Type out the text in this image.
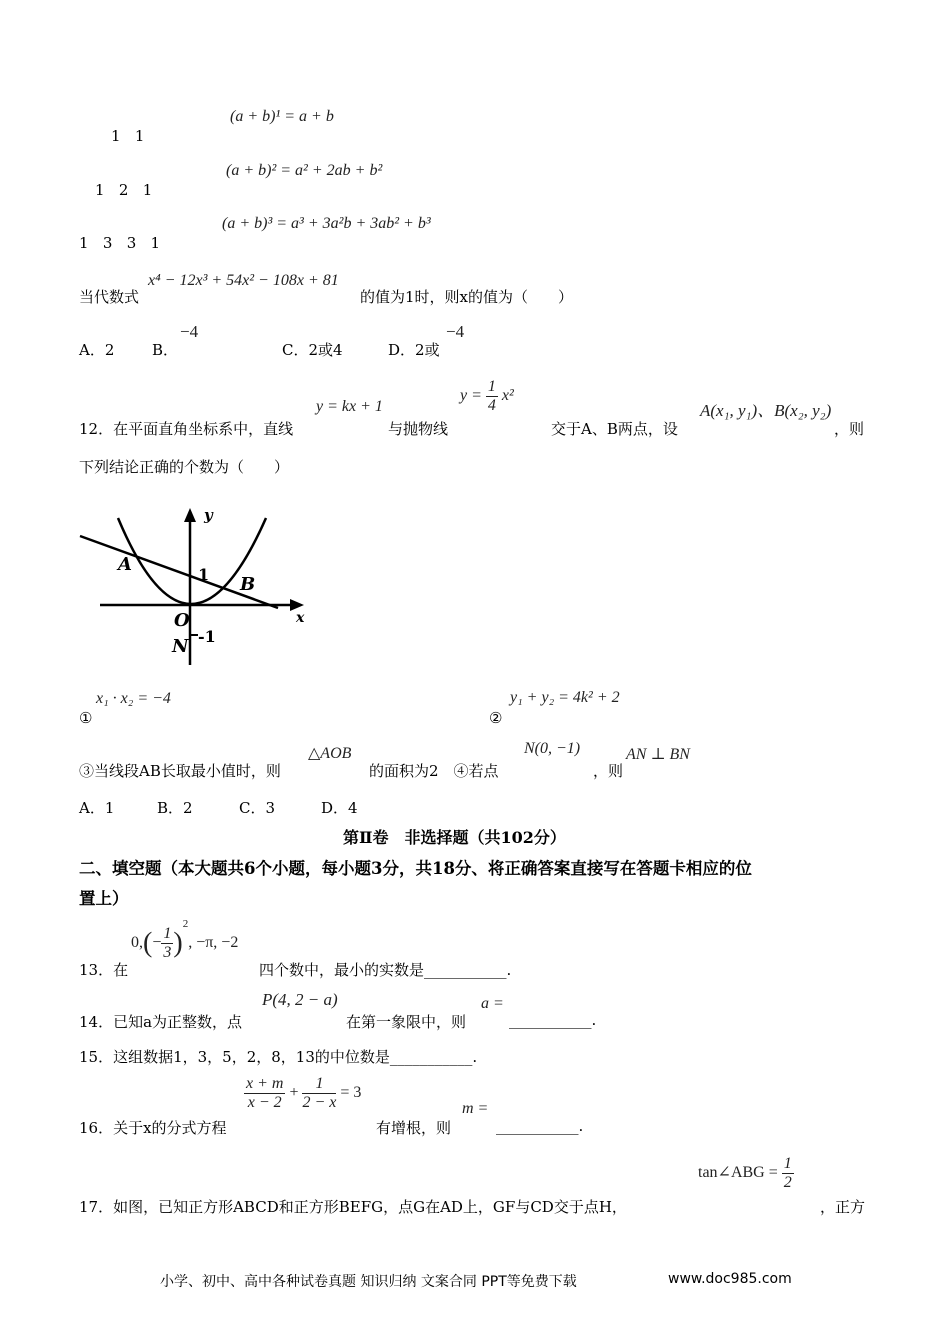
(a + b)¹ = a + b
1   1
(a + b)² = a² + 2ab + b²
1   2   1
(a + b)³ = a³ + 3a²b + 3ab² + b³
1   3   3   1
x⁴ − 12x³ + 54x² − 108x + 81
当代数式	的值为1时，则x的值为（　　）
A．2	B．
−4
C．2或4	D．2或
−4
y = kx + 1
$y = \frac{1}{4} x^2$
A(x₁, y₁)、B(x₂, y₂)
12．在平面直角坐标系中，直线	与抛物线	交于A、B两点，设	，则
下列结论正确的个数为（　　）
y
x
A
B
1
O
-1
N
x₁ · x₂ = −4
①
y₁ + y₂ = 4k² + 2
②
③当线段AB长取最小值时，则
△AOB
的面积为2　④若点
N(0, −1)
，则
AN ⊥ BN
A．1	B．2	C．3	D．4
第Ⅱ卷　非选择题（共102分）
二、填空题（本大题共6个小题，每小题3分，共18分、将正确答案直接写在答题卡相应的位
置上）
$0,(- \frac{1}{3} )^2$, −π, −2
13．在	四个数中，最小的实数是___________.
P(4, 2 − a)
14．已知a为正整数，点	在第一象限中，则
a =
___________.
15．这组数据1，3，5，2，8，13的中位数是___________.
$\frac{x + m}{x - 2} + \frac{1}{2 - x} = 3$
16．关于x的分式方程	有增根，则
m =
___________.
tan∠ABG = $\frac{1}{2}$
17．如图，已知正方形ABCD和正方形BEFG，点G在AD上，GF与CD交于点H，	，正方
小学、初中、高中各种试卷真题 知识归纳 文案合同 PPT等免费下载	www.doc985.com
